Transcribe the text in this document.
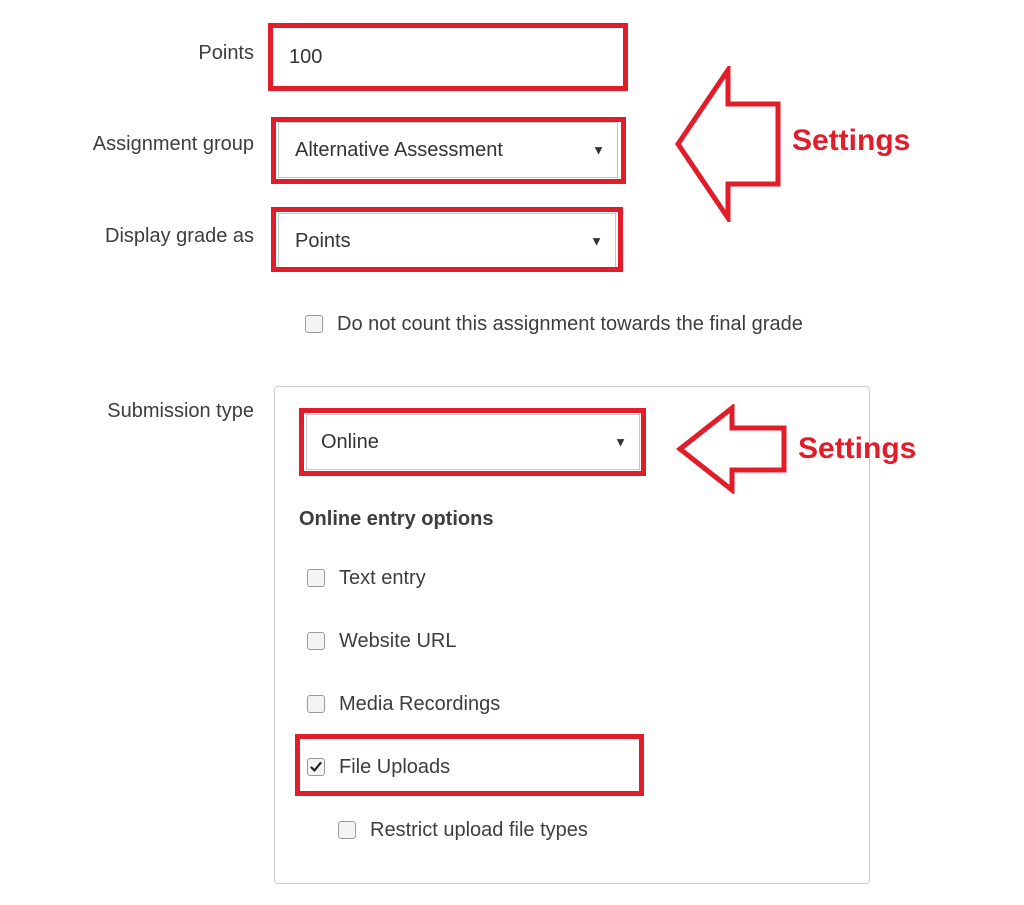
Points 100
Assignment group Alternative Assessment	▼
Display grade as Points	▼
Settings
Do not count this assignment towards the final grade
Submission type
Online	▼	Settings
Online entry options
Text entry
Website URL
Media Recordings
File Uploads
Restrict upload file types
